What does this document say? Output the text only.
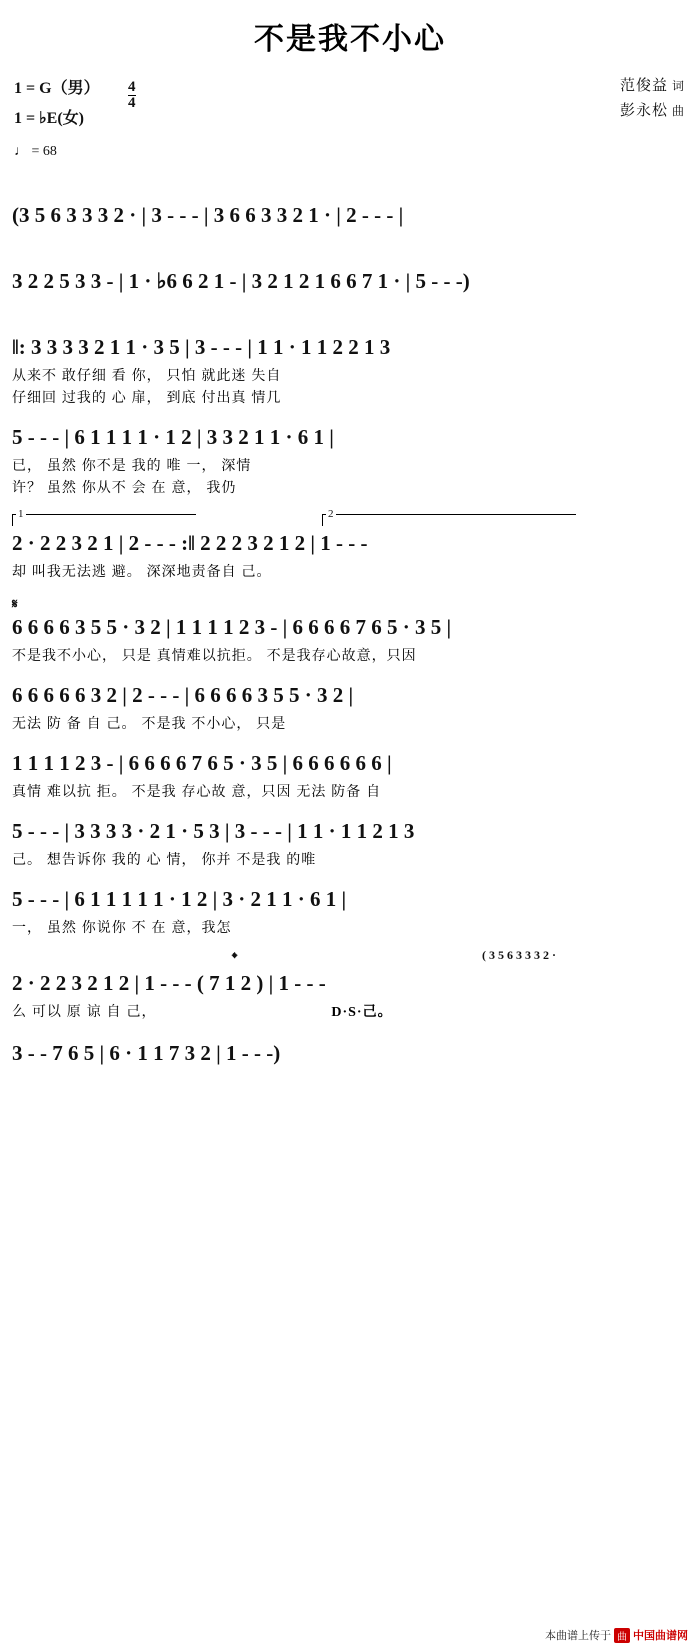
不是我不小心
1 = G（男）
1 = ♭E(女)
$\frac{4}{4}$	范俊益 词
彭永松 曲
♩ = 68
(3 5 6 3 3 3 2 · | 3 - - - | 3 6 6 3 3 2 1 · | 2 - - - |
3 2 2 5 3 3 - | 1 · ♭6 6 2 1 - | 3 2 1 2 1 6 6 7 1 · | 5 - - -)
‖: 3 3 3 3 2 1 1 · 3 5 | 3 - - - | 1 1 · 1 1 2 2 1 3
从来不 敢仔细 看 你， 只怕 就此迷 失自
仔细回 过我的 心 扉， 到底 付出真 情几
5 - - - | 6 1 1 1 1 · 1 2 | 3 3 2 1 1 · 6 1 |
已， 虽然 你不是 我的 唯 一， 深情
许？ 虽然 你从不 会 在 意， 我仍
1	2
2 · 2 2 3 2 1 | 2 - - - :‖ 2 2 2 3 2 1 2 | 1 - - -
却 叫我无法逃 避。 深深地责备自 己。
𝄋
6 6 6 6 3 5 5 · 3 2 | 1 1 1 1 2 3 - | 6 6 6 6 7 6 5 · 3 5 |
不是我不小心， 只是 真情难以抗拒。 不是我存心故意，只因
6 6 6 6 6 3 2 | 2 - - - | 6 6 6 6 3 5 5 · 3 2 |
无法 防 备 自 己。 不是我 不小心， 只是
1 1 1 1 2 3 - | 6 6 6 6 7 6 5 · 3 5 | 6 6 6 6 6 6 |
真情 难以抗 拒。 不是我 存心故 意，只因 无法 防备 自
5 - - - | 3 3 3 3 · 2 1 · 5 3 | 3 - - - | 1 1 · 1 1 2 1 3
己。 想告诉你 我的 心 情， 你并 不是我 的唯
5 - - - | 6 1 1 1 1 1 · 1 2 | 3 · 2 1 1 · 6 1 |
一， 虽然 你说你 不 在 意，我怎
𝄌	( 3 5 6 3 3 3 2 ·
2 · 2 2 3 2 1 2 | 1 - - - ( 7 1 2 ) | 1 - - -
么 可以 原 谅 自 己，	D·S·己。
3 - - 7 6 5 | 6 · 1 1 7 3 2 | 1 - - -)
本曲谱上传于 曲 中国曲谱网
